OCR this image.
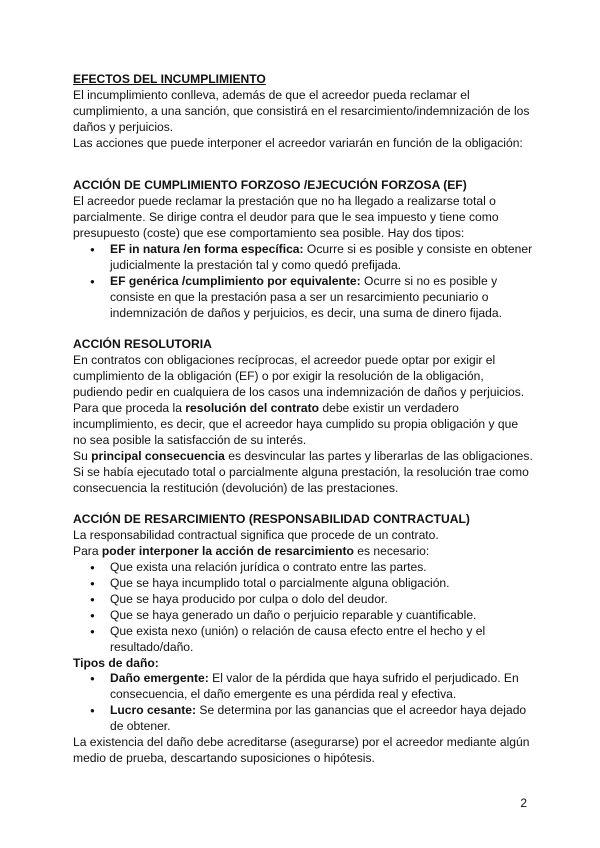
EFECTOS DEL INCUMPLIMIENTO

El incumplimiento conlleva, además de que el acreedor pueda reclamar el cumplimiento, a una sanción, que consistirá en el resarcimiento/indemnización de los daños y perjuicios.

Las acciones que puede interponer el acreedor variarán en función de la obligación:

ACCIÓN DE CUMPLIMIENTO FORZOSO /EJECUCIÓN FORZOSA (EF)

El acreedor puede reclamar la prestación que no ha llegado a realizarse total o parcialmente. Se dirige contra el deudor para que le sea impuesto y tiene como presupuesto (coste) que ese comportamiento sea posible. Hay dos tipos:

● EF in natura /en forma específica: Ocurre si es posible y consiste en obtener judicialmente la prestación tal y como quedó prefijada.
● EF genérica /cumplimiento por equivalente: Ocurre si no es posible y consiste en que la prestación pasa a ser un resarcimiento pecuniario o indemnización de daños y perjuicios, es decir, una suma de dinero fijada.

ACCIÓN RESOLUTORIA

En contratos con obligaciones recíprocas, el acreedor puede optar por exigir el cumplimiento de la obligación (EF) o por exigir la resolución de la obligación, pudiendo pedir en cualquiera de los casos una indemnización de daños y perjuicios.

Para que proceda la resolución del contrato debe existir un verdadero incumplimiento, es decir, que el acreedor haya cumplido su propia obligación y que no sea posible la satisfacción de su interés.

Su principal consecuencia es desvincular las partes y liberarlas de las obligaciones. Si se había ejecutado total o parcialmente alguna prestación, la resolución trae como consecuencia la restitución (devolución) de las prestaciones.

ACCIÓN DE RESARCIMIENTO (RESPONSABILIDAD CONTRACTUAL)

La responsabilidad contractual significa que procede de un contrato.

Para poder interponer la acción de resarcimiento es necesario:

● Que exista una relación jurídica o contrato entre las partes.
● Que se haya incumplido total o parcialmente alguna obligación.
● Que se haya producido por culpa o dolo del deudor.
● Que se haya generado un daño o perjuicio reparable y cuantificable.
● Que exista nexo (unión) o relación de causa efecto entre el hecho y el resultado/daño.

Tipos de daño:

● Daño emergente: El valor de la pérdida que haya sufrido el perjudicado. En consecuencia, el daño emergente es una pérdida real y efectiva.
● Lucro cesante: Se determina por las ganancias que el acreedor haya dejado de obtener.

La existencia del daño debe acreditarse (asegurarse) por el acreedor mediante algún medio de prueba, descartando suposiciones o hipótesis.

2
